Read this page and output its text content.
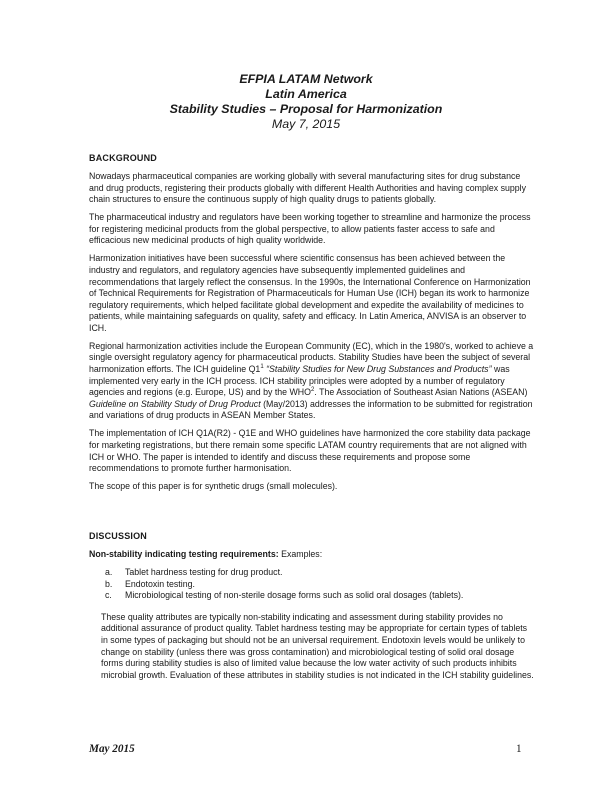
EFPIA LATAM Network
Latin America
Stability Studies – Proposal for Harmonization
May 7, 2015
BACKGROUND

Nowadays pharmaceutical companies are working globally with several manufacturing sites for drug substance and drug products, registering their products globally with different Health Authorities and having complex supply chain structures to ensure the continuous supply of high quality drugs to patients globally.

The pharmaceutical industry and regulators have been working together to streamline and harmonize the process for registering medicinal products from the global perspective, to allow patients faster access to safe and efficacious new medicinal products of high quality worldwide.

Harmonization initiatives have been successful where scientific consensus has been achieved between the industry and regulators, and regulatory agencies have subsequently implemented guidelines and recommendations that largely reflect the consensus. In the 1990s, the International Conference on Harmonization of Technical Requirements for Registration of Pharmaceuticals for Human Use (ICH) began its work to harmonize regulatory requirements, which helped facilitate global development and expedite the availability of medicines to patients, while maintaining safeguards on quality, safety and efficacy. In Latin America, ANVISA is an observer to ICH.

Regional harmonization activities include the European Community (EC), which in the 1980's, worked to achieve a single oversight regulatory agency for pharmaceutical products. Stability Studies have been the subject of several harmonization efforts. The ICH guideline $Q1^1$ “Stability Studies for New Drug Substances and Products” was implemented very early in the ICH process. ICH stability principles were adopted by a number of regulatory agencies and regions (e.g. Europe, US) and by the WHO$^2$. The Association of Southeast Asian Nations (ASEAN) Guideline on Stability Study of Drug Product (May/2013) addresses the information to be submitted for registration and variations of drug products in ASEAN Member States.

The implementation of ICH Q1A(R2) - Q1E and WHO guidelines have harmonized the core stability data package for marketing registrations, but there remain some specific LATAM country requirements that are not aligned with ICH or WHO. The paper is intended to identify and discuss these requirements and propose some recommendations to promote further harmonisation.

The scope of this paper is for synthetic drugs (small molecules).

DISCUSSION

Non-stability indicating testing requirements: Examples:

a. Tablet hardness testing for drug product.
b. Endotoxin testing.
c. Microbiological testing of non-sterile dosage forms such as solid oral dosages (tablets).

These quality attributes are typically non-stability indicating and assessment during stability provides no additional assurance of product quality. Tablet hardness testing may be appropriate for certain types of tablets in some types of packaging but should not be an universal requirement. Endotoxin levels would be unlikely to change on stability (unless there was gross contamination) and microbiological testing of solid oral dosage forms during stability studies is also of limited value because the low water activity of such products inhibits microbial growth. Evaluation of these attributes in stability studies is not indicated in the ICH stability guidelines.

May 2015	1
